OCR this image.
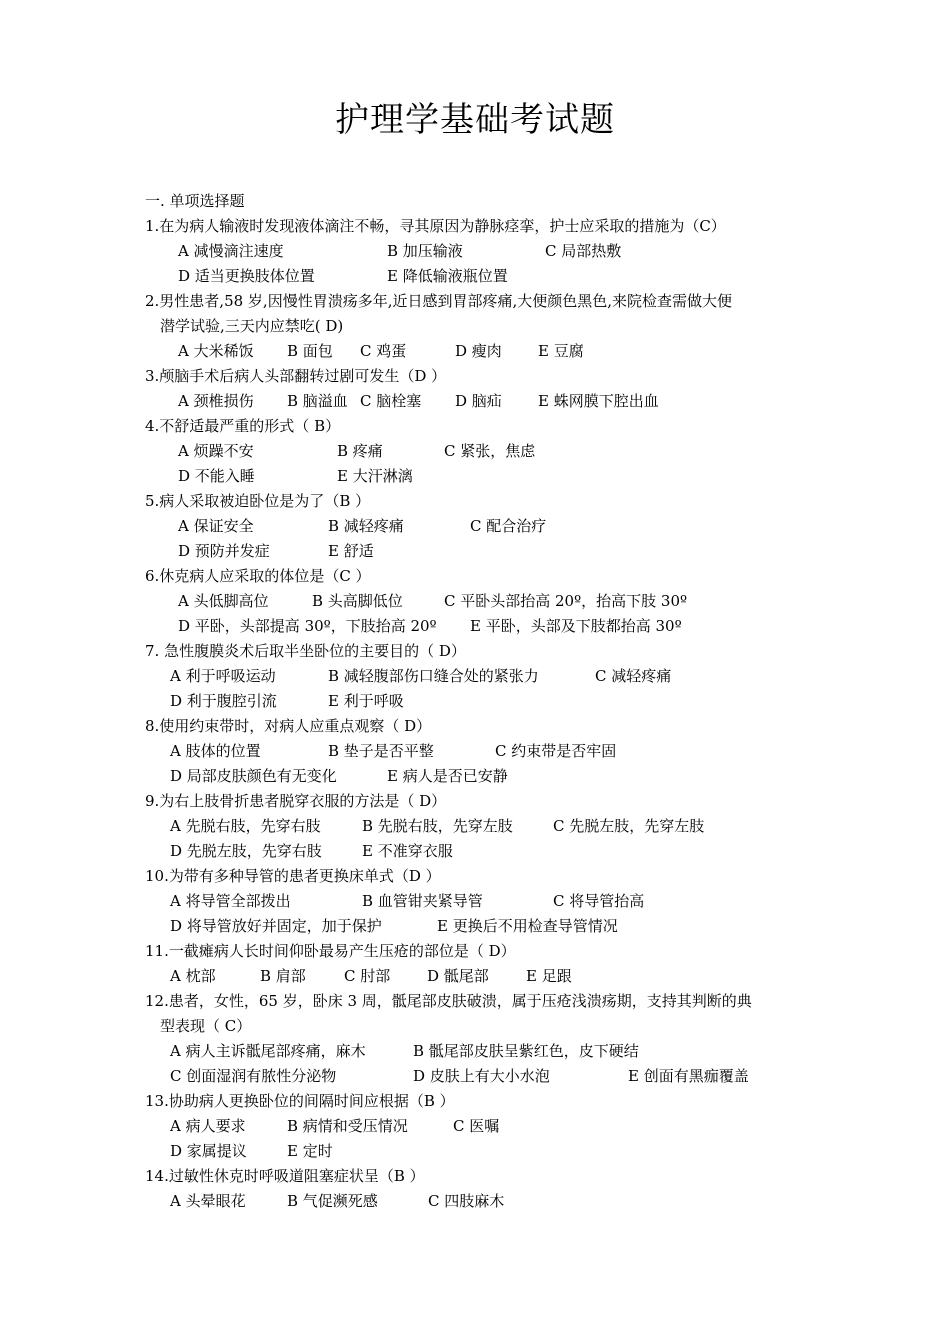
护理学基础考试题
一. 单项选择题
1.在为病人输液时发现液体滴注不畅，寻其原因为静脉痉挛，护士应采取的措施为（C）
A 减慢滴注速度	B 加压输液	C 局部热敷
D 适当更换肢体位置	E 降低输液瓶位置
2.男性患者,58 岁,因慢性胃溃疡多年,近日感到胃部疼痛,大便颜色黑色,来院检查需做大便
潜学试验,三天内应禁吃( D)
A 大米稀饭 B 面包 C 鸡蛋	D 瘦肉 E 豆腐
3.颅脑手术后病人头部翻转过剧可发生（D ）
A 颈椎损伤 B 脑溢血 C 脑栓塞 D 脑疝 E 蛛网膜下腔出血
4.不舒适最严重的形式（ B）
A 烦躁不安	B 疼痛	C 紧张，焦虑
D 不能入睡	E 大汗淋漓
5.病人采取被迫卧位是为了（B ）
A 保证安全	B 减轻疼痛	C 配合治疗
D 预防并发症	E 舒适
6.休克病人应采取的体位是（C ）
A 头低脚高位	B 头高脚低位	C 平卧头部抬高 20º，抬高下肢 30º
D 平卧，头部提高 30º，下肢抬高 20º E 平卧，头部及下肢都抬高 30º
7. 急性腹膜炎术后取半坐卧位的主要目的（ D）
A 利于呼吸运动	B 减轻腹部伤口缝合处的紧张力	C 减轻疼痛
D 利于腹腔引流	E 利于呼吸
8.使用约束带时，对病人应重点观察（ D）
A 肢体的位置	B 垫子是否平整	C 约束带是否牢固
D 局部皮肤颜色有无变化	E 病人是否已安静
9.为右上肢骨折患者脱穿衣服的方法是（ D）
A 先脱右肢，先穿右肢	B 先脱右肢，先穿左肢	C 先脱左肢，先穿左肢
D 先脱左肢，先穿右肢	E 不准穿衣服
10.为带有多种导管的患者更换床单式（D ）
A 将导管全部拨出	B 血管钳夹紧导管	C 将导管抬高
D 将导管放好并固定，加于保护	E 更换后不用检查导管情况
11.一截瘫病人长时间仰卧最易产生压疮的部位是（ D）
A 枕部	B 肩部	C 肘部 D 骶尾部 E 足跟
12.患者，女性，65 岁，卧床 3 周，骶尾部皮肤破溃，属于压疮浅溃疡期，支持其判断的典
型表现（ C）
A 病人主诉骶尾部疼痛，麻木	B 骶尾部皮肤呈紫红色，皮下硬结
C 创面湿润有脓性分泌物	D 皮肤上有大小水泡	E 创面有黑痂覆盖
13.协助病人更换卧位的间隔时间应根据（B ）
A 病人要求	B 病情和受压情况	C 医嘱
D 家属提议	E 定时
14.过敏性休克时呼吸道阻塞症状呈（B ）
A 头晕眼花	B 气促濒死感	C 四肢麻木
